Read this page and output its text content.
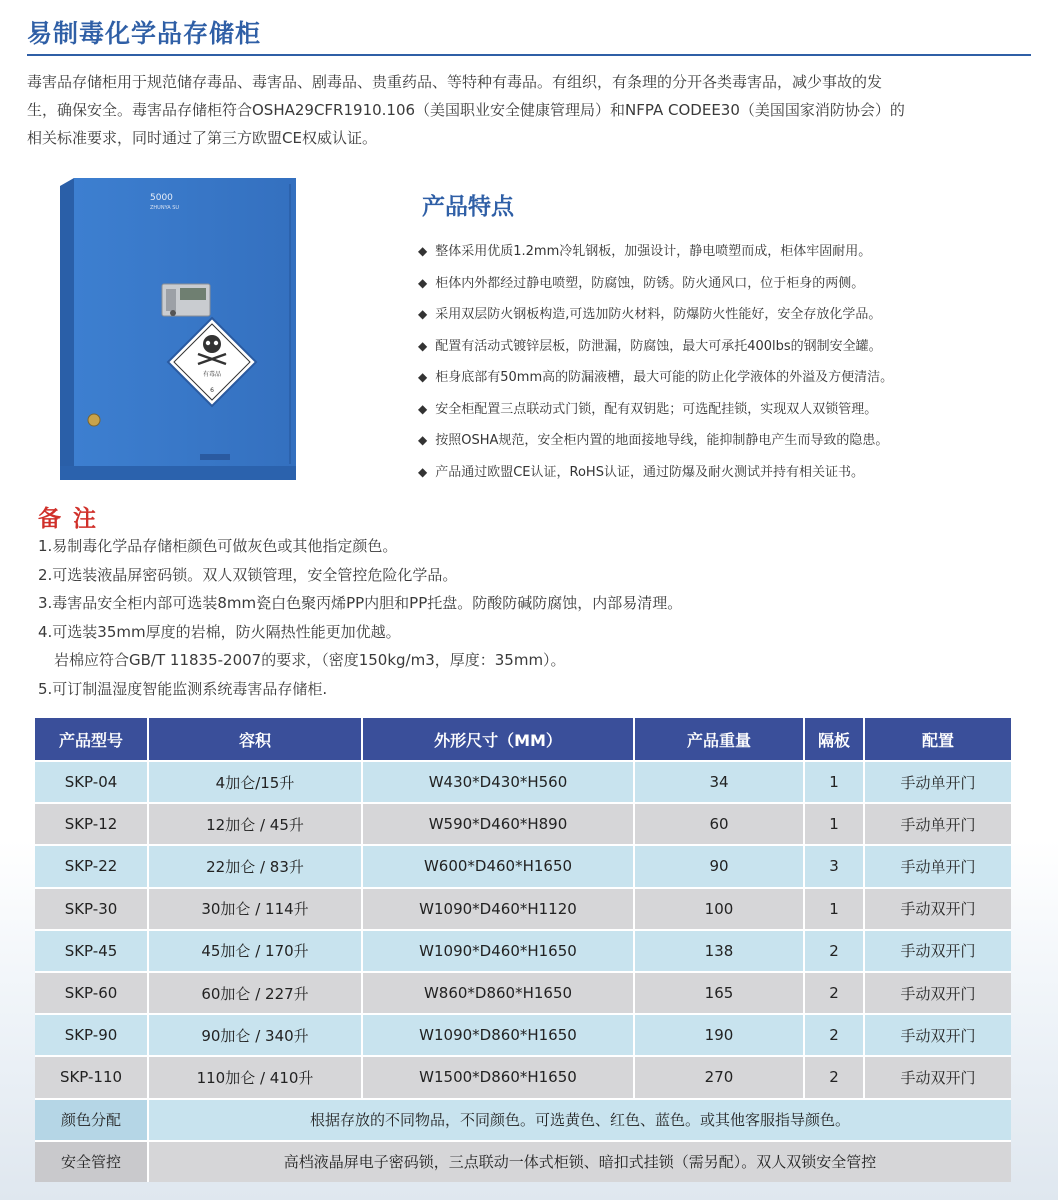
易制毒化学品存储柜

毒害品存储柜用于规范储存毒品、毒害品、剧毒品、贵重药品、等特种有毒品。有组织，有条理的分开各类毒害品，减少事故的发

生，确保安全。毒害品存储柜符合OSHA29CFR1910.106（美国职业安全健康管理局）和NFPA CODEE30（美国国家消防协会）的

相关标准要求，同时通过了第三方欧盟CE权威认证。

5000
ZHUNYA SU
有毒品
6
产品特点
◆ 整体采用优质1.2mm冷轧钢板，加强设计，静电喷塑而成，柜体牢固耐用。
◆ 柜体内外都经过静电喷塑，防腐蚀，防锈。防火通风口，位于柜身的两侧。
◆ 采用双层防火钢板构造,可选加防火材料，防爆防火性能好，安全存放化学品。
◆ 配置有活动式镀锌层板，防泄漏，防腐蚀，最大可承托400lbs的钢制安全罐。
◆ 柜身底部有50mm高的防漏液槽，最大可能的防止化学液体的外溢及方便清洁。
◆ 安全柜配置三点联动式门锁，配有双钥匙；可选配挂锁，实现双人双锁管理。
◆ 按照OSHA规范，安全柜内置的地面接地导线，能抑制静电产生而导致的隐患。
◆ 产品通过欧盟CE认证，RoHS认证，通过防爆及耐火测试并持有相关证书。
备注
1.易制毒化学品存储柜颜色可做灰色或其他指定颜色。
2.可选装液晶屏密码锁。双人双锁管理，安全管控危险化学品。
3.毒害品安全柜内部可选装8mm瓷白色聚丙烯PP内胆和PP托盘。防酸防碱防腐蚀，内部易清理。
4.可选装35mm厚度的岩棉，防火隔热性能更加优越。
岩棉应符合GB/T 11835-2007的要求，（密度150kg/m3，厚度：35mm）。
5.可订制温湿度智能监测系统毒害品存储柜.
产品型号	容积	外形尺寸（MM）	产品重量	隔板	配置
SKP-04	4加仑/15升	W430*D430*H560	34	1	手动单开门
SKP-12	12加仑 / 45升	W590*D460*H890	60	1	手动单开门
SKP-22	22加仑 / 83升	W600*D460*H1650	90	3	手动单开门
SKP-30	30加仑 / 114升	W1090*D460*H1120	100	1	手动双开门
SKP-45	45加仑 / 170升	W1090*D460*H1650	138	2	手动双开门
SKP-60	60加仑 / 227升	W860*D860*H1650	165	2	手动双开门
SKP-90	90加仑 / 340升	W1090*D860*H1650	190	2	手动双开门
SKP-110	110加仑 / 410升	W1500*D860*H1650	270	2	手动双开门
颜色分配	根据存放的不同物品，不同颜色。可选黄色、红色、蓝色。或其他客服指导颜色。				
安全管控	高档液晶屏电子密码锁，三点联动一体式柜锁、暗扣式挂锁（需另配）。双人双锁安全管控				
